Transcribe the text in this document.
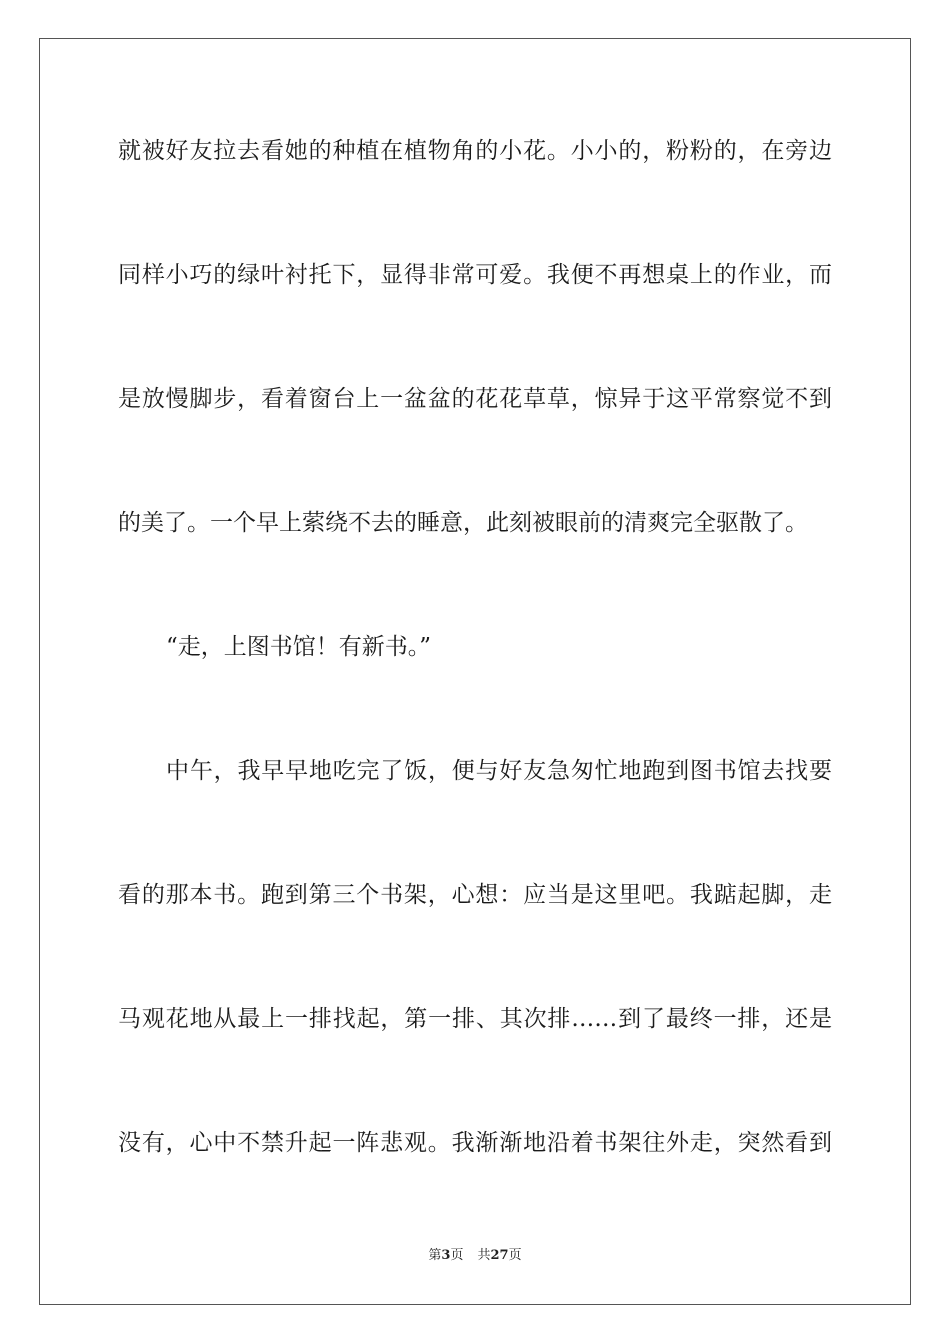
就被好友拉去看她的种植在植物角的小花。小小的，粉粉的，在旁边
同样小巧的绿叶衬托下，显得非常可爱。我便不再想桌上的作业，而
是放慢脚步，看着窗台上一盆盆的花花草草，惊异于这平常察觉不到
的美了。一个早上萦绕不去的睡意，此刻被眼前的清爽完全驱散了。
“走，上图书馆！有新书。”
中午，我早早地吃完了饭，便与好友急匆忙地跑到图书馆去找要
看的那本书。跑到第三个书架，心想：应当是这里吧。我踮起脚，走
马观花地从最上一排找起，第一排、其次排……到了最终一排，还是
没有，心中不禁升起一阵悲观。我渐渐地沿着书架往外走，突然看到
第3页 共27页
